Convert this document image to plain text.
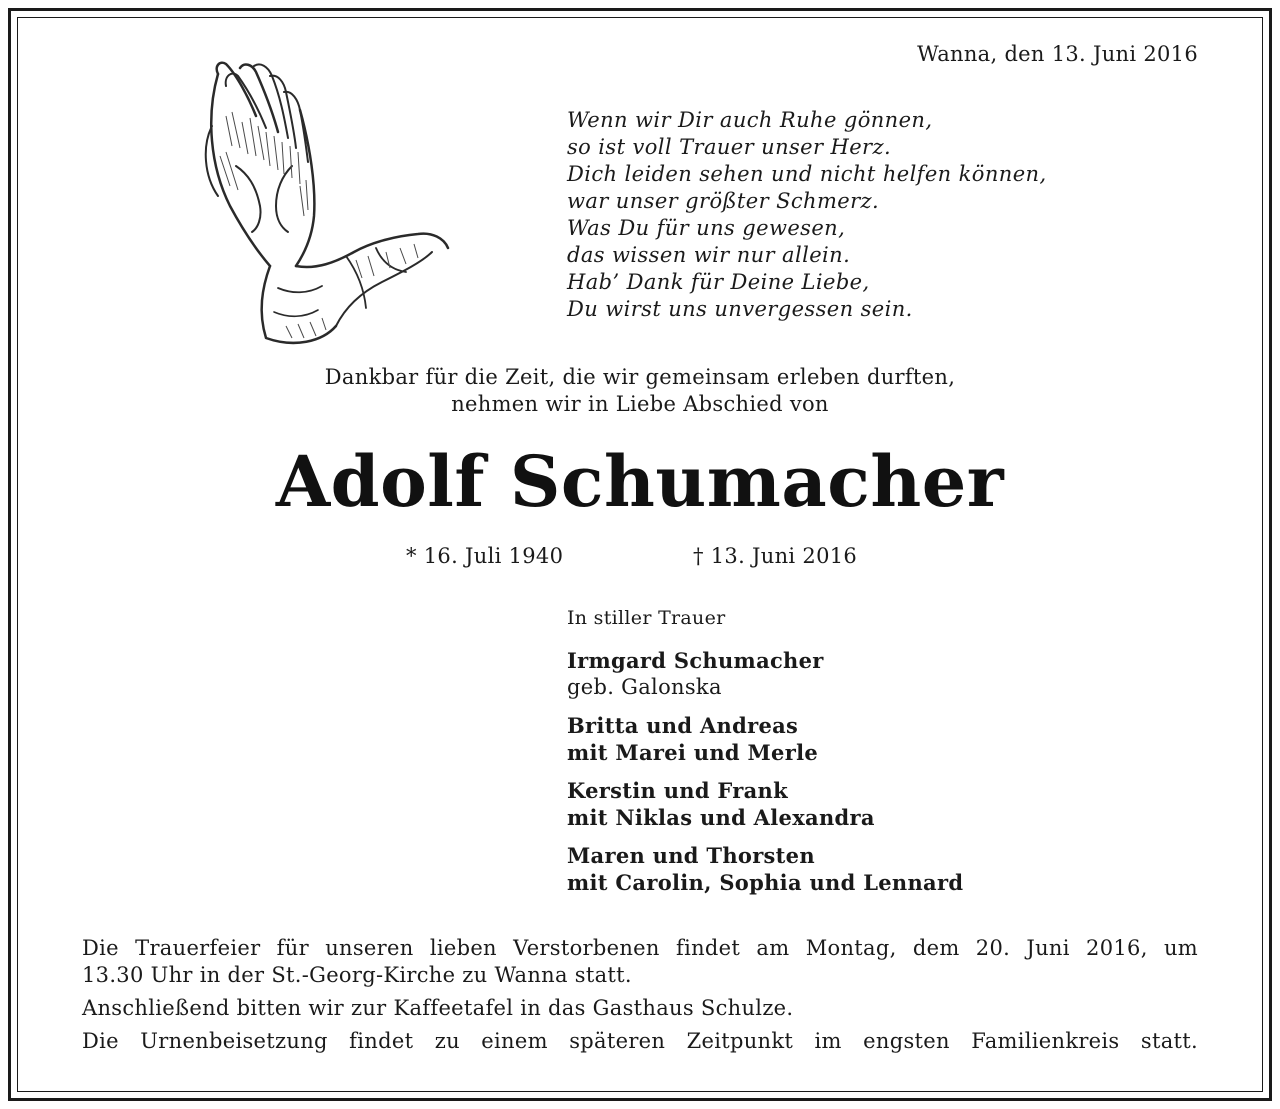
Wanna, den 13. Juni 2016
Wenn wir Dir auch Ruhe gönnen,
so ist voll Trauer unser Herz.
Dich leiden sehen und nicht helfen können,
war unser größter Schmerz.
Was Du für uns gewesen,
das wissen wir nur allein.
Hab’ Dank für Deine Liebe,
Du wirst uns unvergessen sein.
Dankbar für die Zeit, die wir gemeinsam erleben durften,
nehmen wir in Liebe Abschied von
Adolf Schumacher
* 16. Juli 1940	† 13. Juni 2016
In stiller Trauer
Irmgard Schumacher
geb. Galonska
Britta und Andreas
mit Marei und Merle
Kerstin und Frank
mit Niklas und Alexandra
Maren und Thorsten
mit Carolin, Sophia und Lennard
Die Trauerfeier für unseren lieben Verstorbenen findet am Montag, dem 20. Juni 2016, um
13.30 Uhr in der St.-Georg-Kirche zu Wanna statt.
Anschließend bitten wir zur Kaffeetafel in das Gasthaus Schulze.
Die Urnenbeisetzung findet zu einem späteren Zeitpunkt im engsten Familienkreis statt.
